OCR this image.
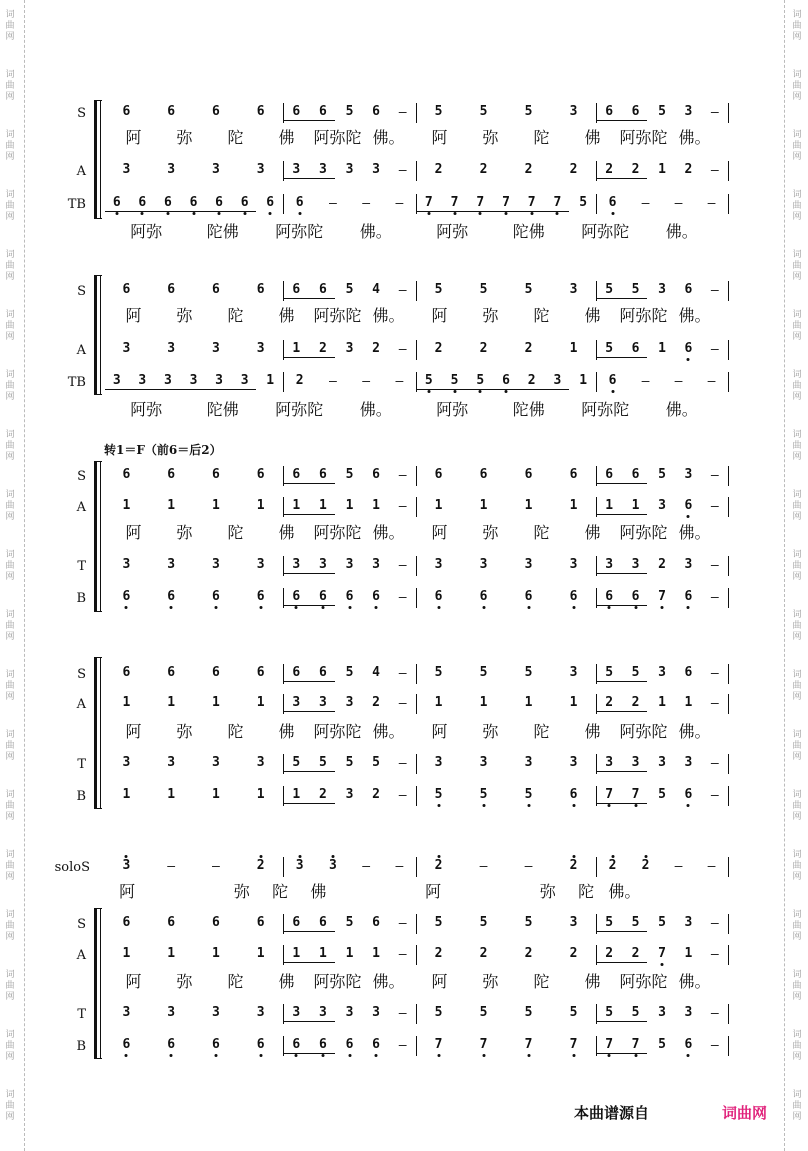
转1＝F（前6＝后2）
本曲谱源自	词曲网
词
曲
网
词
曲
网
词
曲
网
词
曲
网
词
曲
网
词
曲
网
词
曲
网
词
曲
网
词
曲
网
词
曲
网
词
曲
网
词
曲
网
词
曲
网
词
曲
网
词
曲
网
词
曲
网
词
曲
网
词
曲
网
词
曲
网
词
曲
网
词
曲
网
词
曲
网
词
曲
网
词
曲
网
词
曲
网
词
曲
网
词
曲
网
词
曲
网
词
曲
网
词
曲
网
词
曲
网
词
曲
网
词
曲
网
词
曲
网
词
曲
网
词
曲
网
词
曲
网
词
曲
网
S	6	6	6	6 6 6 5 6 – 5	5	5	3 6 6 5 3 –
阿 弥 陀 佛 阿弥陀 佛。 阿 弥 陀 佛 阿弥陀 佛。
A	3	3	3	3 3 3 3 3 – 2	2	2	2 2 2 1 2 –
TB 6 6 6 6 6 6 6 6 – – – 7 7 7 7 7 7 5 6 – – –
阿弥	陀佛 阿弥陀 佛。	阿弥	陀佛 阿弥陀 佛。
S	6	6	6	6 6 6 5 4 – 5	5	5	3 5 5 3 6 –
阿 弥 陀 佛 阿弥陀 佛。 阿 弥 陀 佛 阿弥陀 佛。
A	3	3	3	3 1 2 3 2 – 2	2	2	1 5 6 1 6 –
TB 3 3 3 3 3 3 1 2 – – – 5 5 5 6 2 3 1 6 – – –
阿弥	陀佛 阿弥陀 佛。	阿弥	陀佛 阿弥陀 佛。
S	6	6	6	6 6 6 5 6 – 6	6	6	6 6 6 5 3 –
A	1	1	1	1 1 1 1 1 – 1	1	1	1 1 1 3 6 –
阿 弥 陀 佛 阿弥陀 佛。 阿 弥 陀 佛 阿弥陀 佛。
T	3	3	3	3 3 3 3 3 – 3	3	3	3 3 3 2 3 –
B	6	6	6	6 6 6 6 6 – 6	6	6	6 6 6 7 6 –
S	6	6	6	6 6 6 5 4 – 5	5	5	3 5 5 3 6 –
A	1	1	1	1 3 3 3 2 – 1	1	1	1 2 2 1 1 –
阿 弥 陀 佛 阿弥陀 佛。 阿 弥 陀 佛 阿弥陀 佛。
T	3	3	3	3 5 5 5 5 – 3	3	3	3 3 3 3 3 –
B	1	1	1	1 1 2 3 2 – 5	5	5	6 7 7 5 6 –
soloS 3	–	–	2 3 3 – – 2	–	–	2 2 2 – –
阿	弥 陀 佛	阿	弥 陀 佛。
S	6	6	6	6 6 6 5 6 – 5	5	5	3 5 5 5 3 –
A	1	1	1	1 1 1 1 1 – 2	2	2	2 2 2 7 1 –
阿 弥 陀 佛 阿弥陀 佛。 阿 弥 陀 佛 阿弥陀 佛。
T	3	3	3	3 3 3 3 3 – 5	5	5	5 5 5 3 3 –
B	6	6	6	6 6 6 6 6 – 7	7	7	7 7 7 5 6 –
